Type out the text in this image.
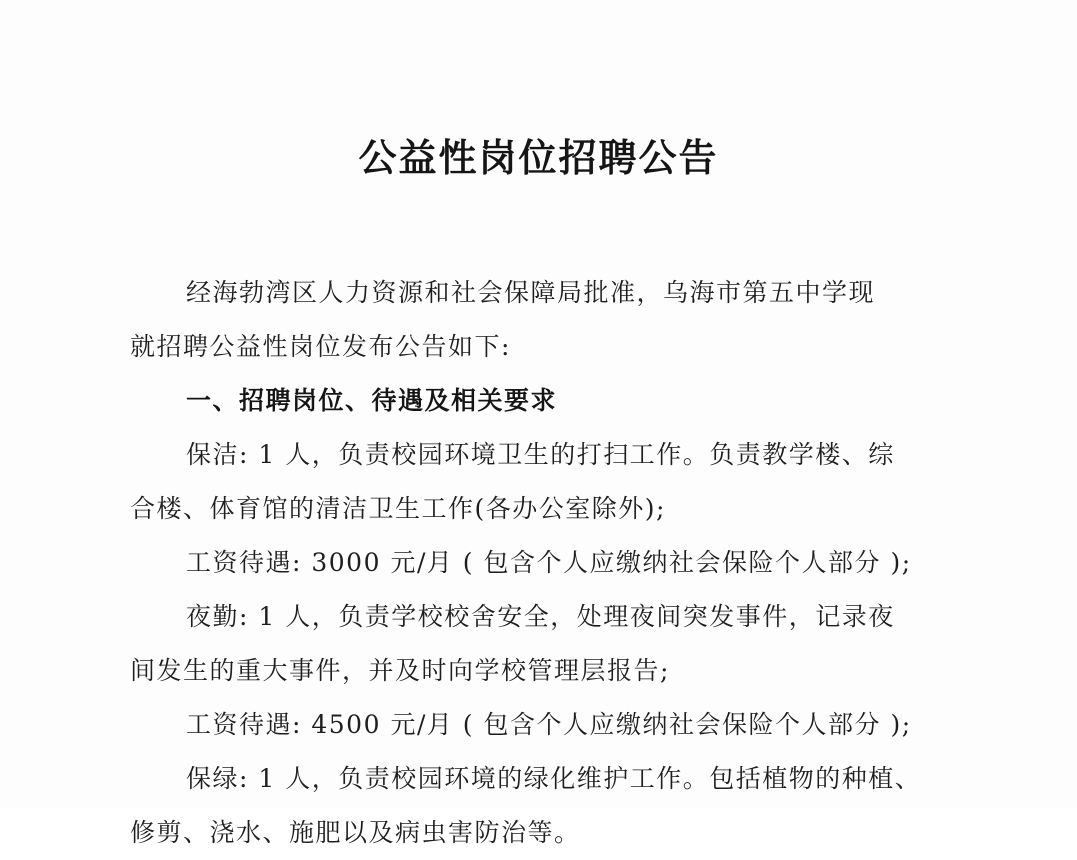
公益性岗位招聘公告
经海勃湾区人力资源和社会保障局批准，乌海市第五中学现
就招聘公益性岗位发布公告如下:
一、招聘岗位、待遇及相关要求
保洁: 1 人，负责校园环境卫生的打扫工作。负责教学楼、综
合楼、体育馆的清洁卫生工作(各办公室除外);
工资待遇: 3000 元/月 ( 包含个人应缴纳社会保险个人部分 );
夜勤: 1 人，负责学校校舍安全，处理夜间突发事件，记录夜
间发生的重大事件，并及时向学校管理层报告;
工资待遇: 4500 元/月 ( 包含个人应缴纳社会保险个人部分 );
保绿: 1 人，负责校园环境的绿化维护工作。包括植物的种植、
修剪、浇水、施肥以及病虫害防治等。
